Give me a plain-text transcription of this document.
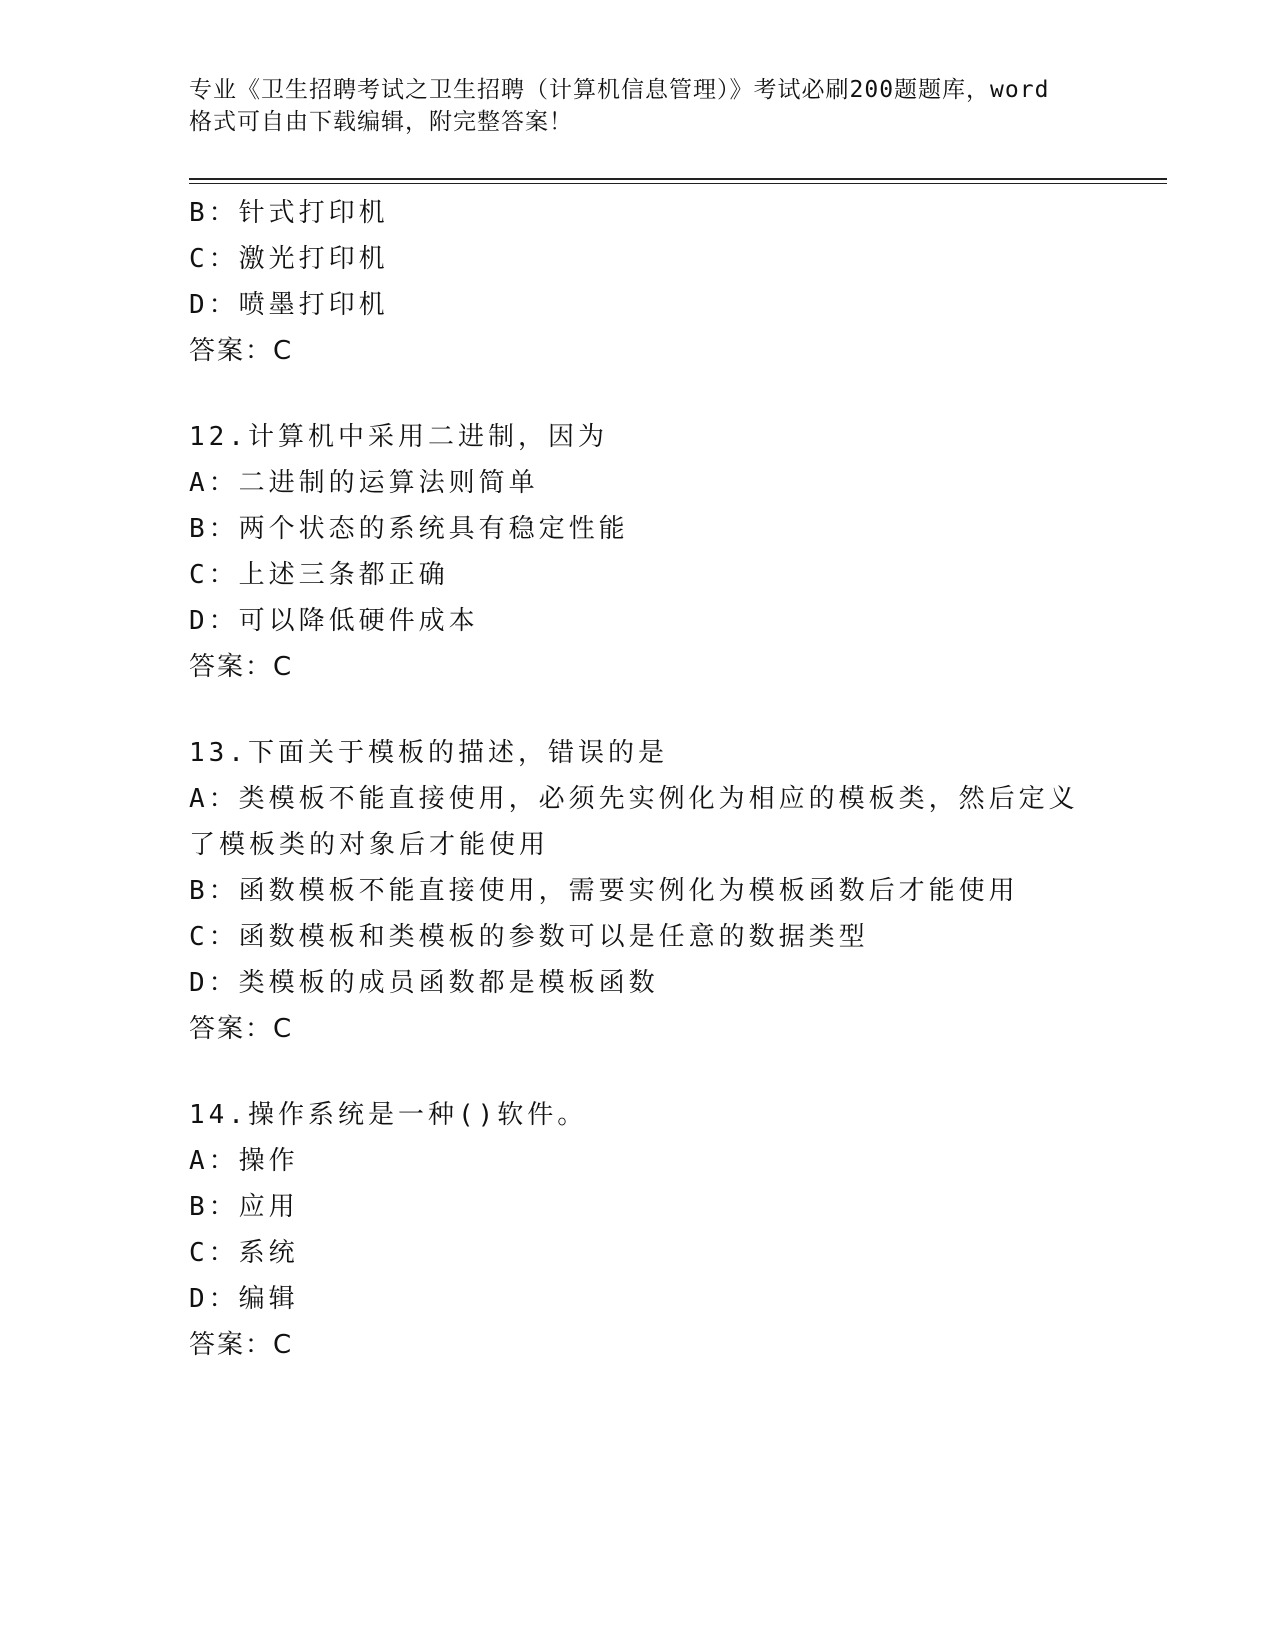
专业《卫生招聘考试之卫生招聘（计算机信息管理）》考试必刷200题题库，word

格式可自由下载编辑，附完整答案！

B：针式打印机
C：激光打印机
D：喷墨打印机
答案：C
12.计算机中采用二进制，因为
A：二进制的运算法则简单
B：两个状态的系统具有稳定性能
C：上述三条都正确
D：可以降低硬件成本
答案：C
13.下面关于模板的描述，错误的是
A：类模板不能直接使用，必须先实例化为相应的模板类，然后定义了模板类的对象后才能使用
B：函数模板不能直接使用，需要实例化为模板函数后才能使用
C：函数模板和类模板的参数可以是任意的数据类型
D：类模板的成员函数都是模板函数
答案：C
14.操作系统是一种()软件。
A：操作
B：应用
C：系统
D：编辑
答案：C
